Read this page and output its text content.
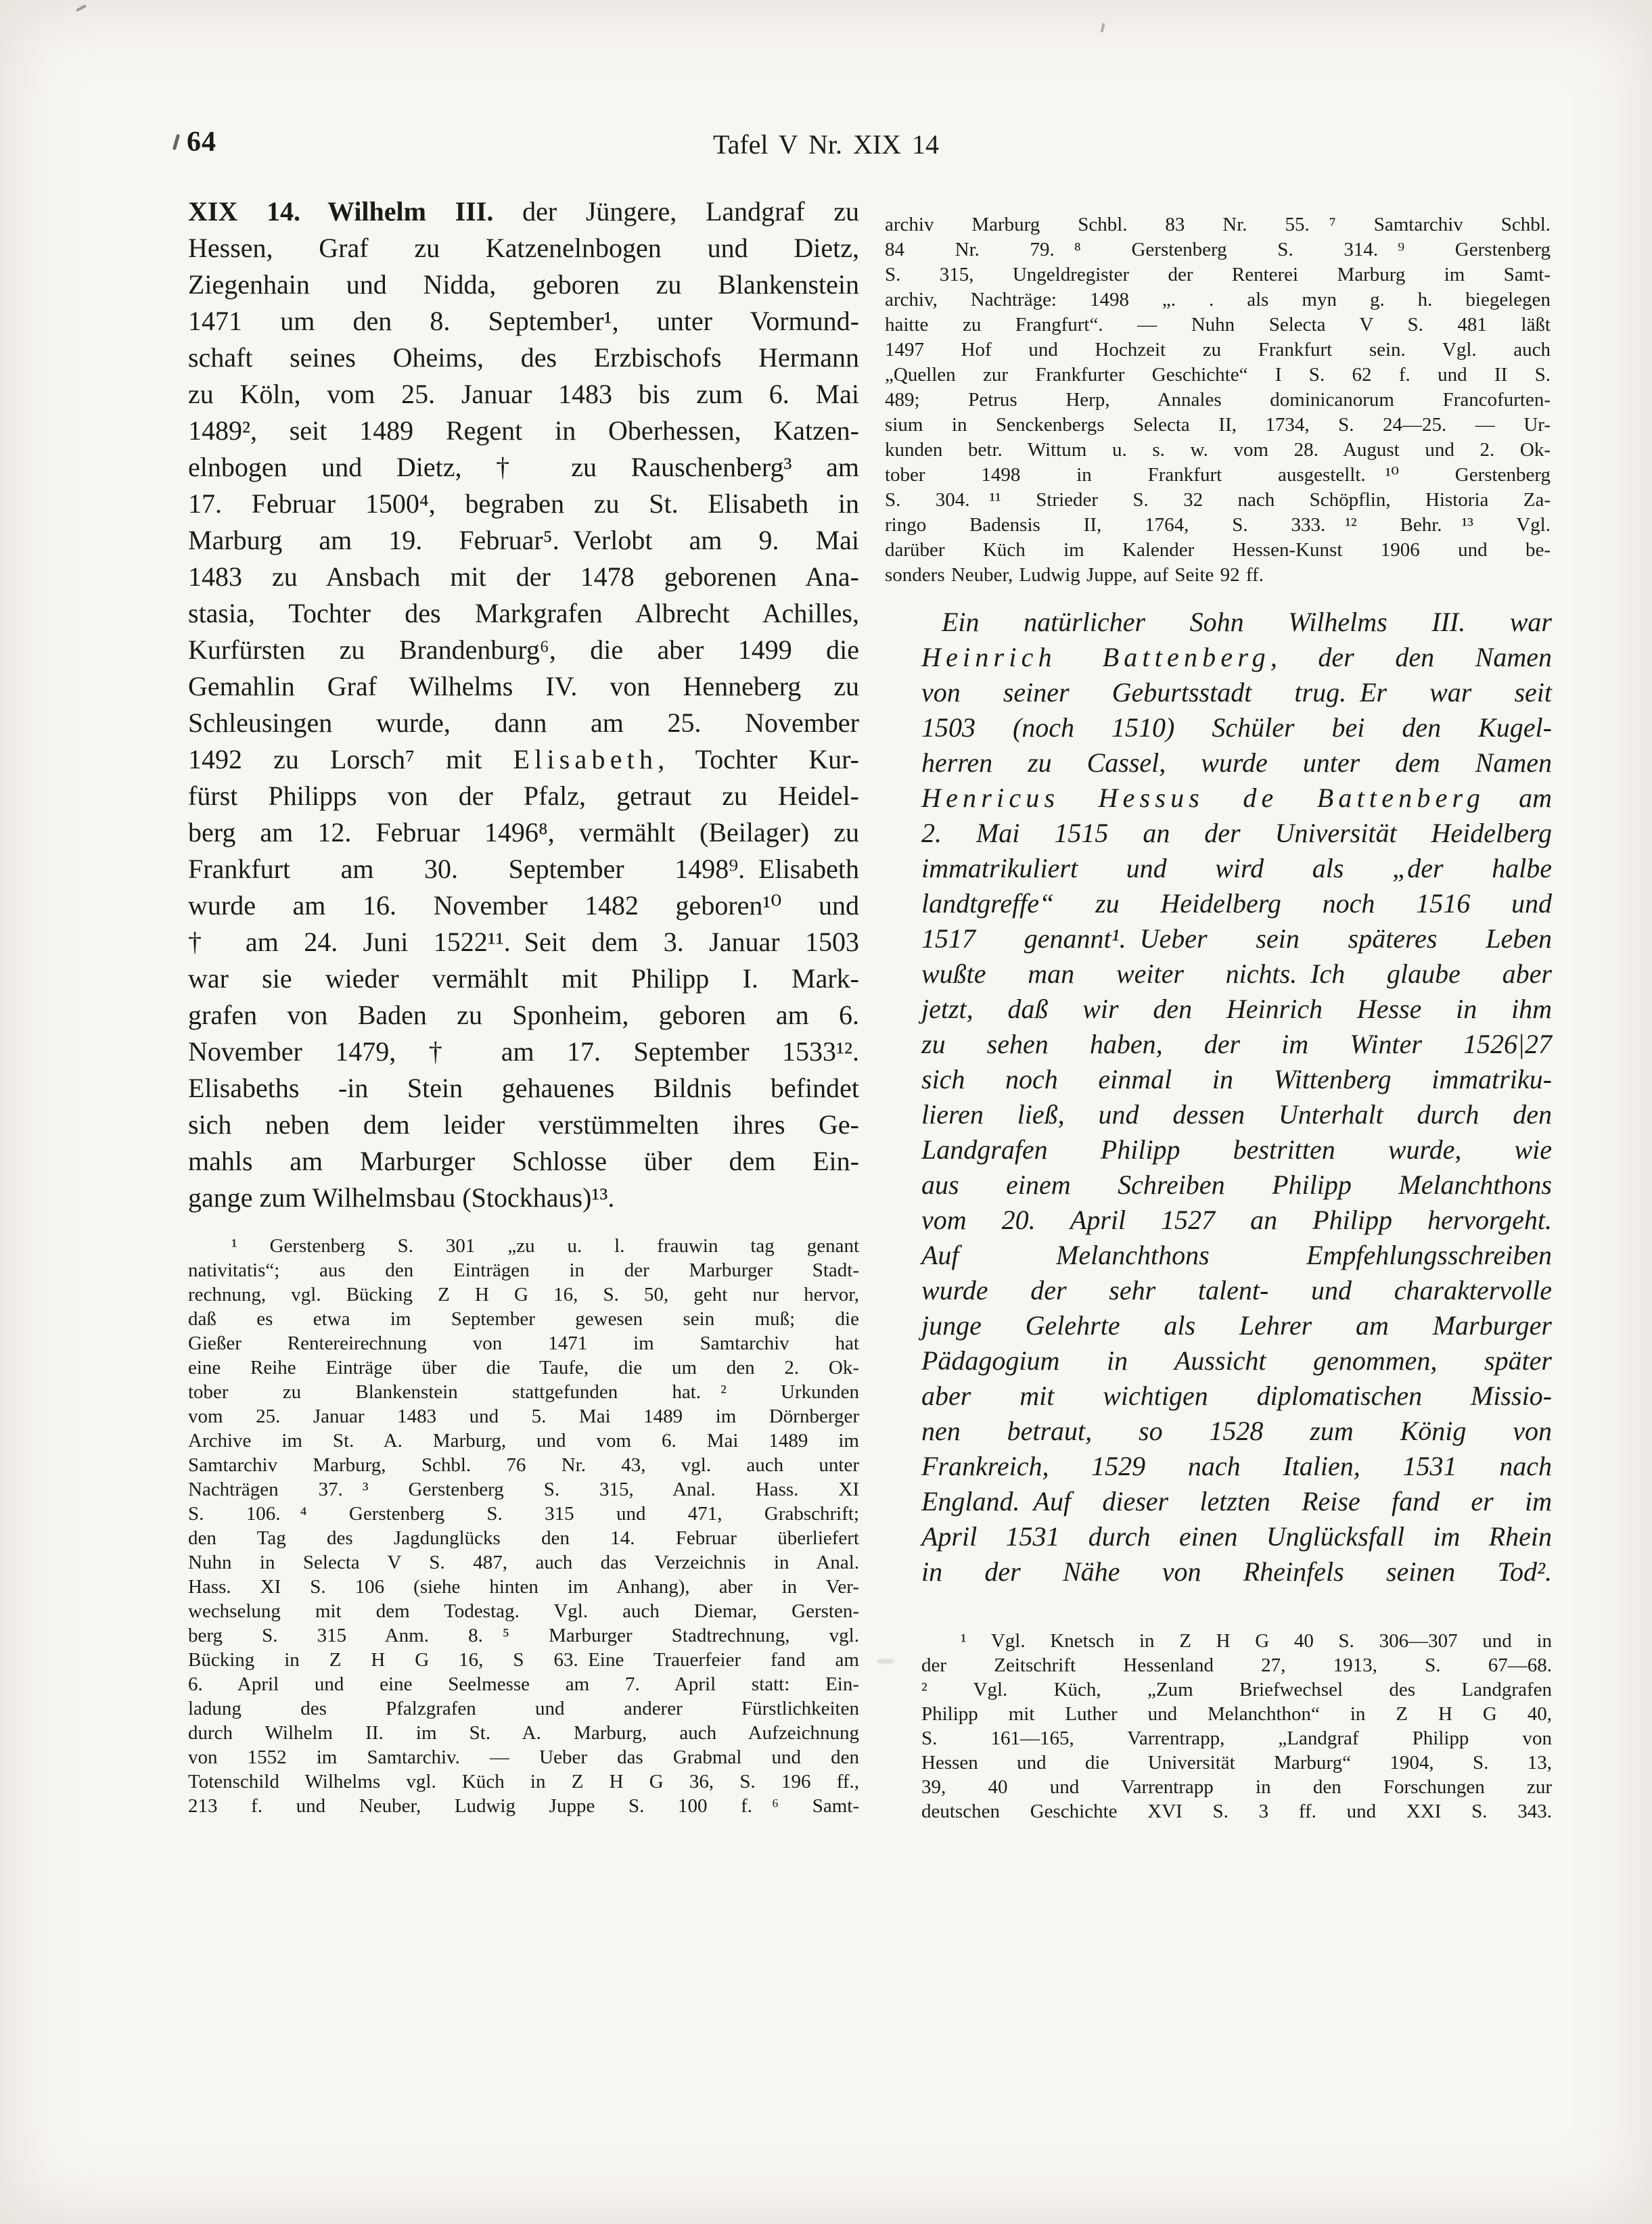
64	Tafel V Nr. XIX 14
XIX 14. Wilhelm III. der Jüngere, Landgraf zu
Hessen, Graf zu Katzenelnbogen und Dietz,
Ziegenhain und Nidda, geboren zu Blankenstein
1471 um den 8. September¹, unter Vormund-
schaft seines Oheims, des Erzbischofs Hermann
zu Köln, vom 25. Januar 1483 bis zum 6. Mai
1489², seit 1489 Regent in Oberhessen, Katzen-
elnbogen und Dietz, † zu Rauschenberg³ am
17. Februar 1500⁴, begraben zu St. Elisabeth in
Marburg am 19. Februar⁵. Verlobt am 9. Mai
1483 zu Ansbach mit der 1478 geborenen Ana-
stasia, Tochter des Markgrafen Albrecht Achilles,
Kurfürsten zu Brandenburg⁶, die aber 1499 die
Gemahlin Graf Wilhelms IV. von Henneberg zu
Schleusingen wurde, dann am 25. November
1492 zu Lorsch⁷ mit Elisabeth, Tochter Kur-
fürst Philipps von der Pfalz, getraut zu Heidel-
berg am 12. Februar 1496⁸, vermählt (Beilager) zu
Frankfurt am 30. September 1498⁹. Elisabeth
wurde am 16. November 1482 geboren¹⁰ und
† am 24. Juni 1522¹¹. Seit dem 3. Januar 1503
war sie wieder vermählt mit Philipp I. Mark-
grafen von Baden zu Sponheim, geboren am 6.
November 1479, † am 17. September 1533¹².
Elisabeths -in Stein gehauenes Bildnis befindet
sich neben dem leider verstümmelten ihres Ge-
mahls am Marburger Schlosse über dem Ein-
gange zum Wilhelmsbau (Stockhaus)¹³.
¹ Gerstenberg S. 301 „zu u. l. frauwin tag genant
nativitatis“; aus den Einträgen in der Marburger Stadt-
rechnung, vgl. Bücking Z H G 16, S. 50, geht nur hervor,
daß es etwa im September gewesen sein muß; die
Gießer Rentereirechnung von 1471 im Samtarchiv hat
eine Reihe Einträge über die Taufe, die um den 2. Ok-
tober zu Blankenstein stattgefunden hat. ² Urkunden
vom 25. Januar 1483 und 5. Mai 1489 im Dörnberger
Archive im St. A. Marburg, und vom 6. Mai 1489 im
Samtarchiv Marburg, Schbl. 76 Nr. 43, vgl. auch unter
Nachträgen 37. ³ Gerstenberg S. 315, Anal. Hass. XI
S. 106. ⁴ Gerstenberg S. 315 und 471, Grabschrift;
den Tag des Jagdunglücks den 14. Februar überliefert
Nuhn in Selecta V S. 487, auch das Verzeichnis in Anal.
Hass. XI S. 106 (siehe hinten im Anhang), aber in Ver-
wechselung mit dem Todestag. Vgl. auch Diemar, Gersten-
berg S. 315 Anm. 8. ⁵ Marburger Stadtrechnung, vgl.
Bücking in Z H G 16, S 63. Eine Trauerfeier fand am
6. April und eine Seelmesse am 7. April statt: Ein-
ladung des Pfalzgrafen und anderer Fürstlichkeiten
durch Wilhelm II. im St. A. Marburg, auch Aufzeichnung
von 1552 im Samtarchiv. — Ueber das Grabmal und den
Totenschild Wilhelms vgl. Küch in Z H G 36, S. 196 ff.,
213 f. und Neuber, Ludwig Juppe S. 100 f. ⁶ Samt-
archiv Marburg Schbl. 83 Nr. 55. ⁷ Samtarchiv Schbl.
84 Nr. 79. ⁸ Gerstenberg S. 314. ⁹ Gerstenberg
S. 315, Ungeldregister der Renterei Marburg im Samt-
archiv, Nachträge: 1498 „. . als myn g. h. biegelegen
haitte zu Frangfurt“. — Nuhn Selecta V S. 481 läßt
1497 Hof und Hochzeit zu Frankfurt sein. Vgl. auch
„Quellen zur Frankfurter Geschichte“ I S. 62 f. und II S.
489; Petrus Herp, Annales dominicanorum Francofurten-
sium in Senckenbergs Selecta II, 1734, S. 24—25. — Ur-
kunden betr. Wittum u. s. w. vom 28. August und 2. Ok-
tober 1498 in Frankfurt ausgestellt. ¹⁰ Gerstenberg
S. 304. ¹¹ Strieder S. 32 nach Schöpflin, Historia Za-
ringo Badensis II, 1764, S. 333. ¹² Behr. ¹³ Vgl.
darüber Küch im Kalender Hessen-Kunst 1906 und be-
sonders Neuber, Ludwig Juppe, auf Seite 92 ff.
Ein natürlicher Sohn Wilhelms III. war
Heinrich Battenberg, der den Namen
von seiner Geburtsstadt trug. Er war seit
1503 (noch 1510) Schüler bei den Kugel-
herren zu Cassel, wurde unter dem Namen
Henricus Hessus de Battenberg am
2. Mai 1515 an der Universität Heidelberg
immatrikuliert und wird als „der halbe
landtgreffe“ zu Heidelberg noch 1516 und
1517 genannt¹. Ueber sein späteres Leben
wußte man weiter nichts. Ich glaube aber
jetzt, daß wir den Heinrich Hesse in ihm
zu sehen haben, der im Winter 1526|27
sich noch einmal in Wittenberg immatriku-
lieren ließ, und dessen Unterhalt durch den
Landgrafen Philipp bestritten wurde, wie
aus einem Schreiben Philipp Melanchthons
vom 20. April 1527 an Philipp hervorgeht.
Auf Melanchthons Empfehlungsschreiben
wurde der sehr talent- und charaktervolle
junge Gelehrte als Lehrer am Marburger
Pädagogium in Aussicht genommen, später
aber mit wichtigen diplomatischen Missio-
nen betraut, so 1528 zum König von
Frankreich, 1529 nach Italien, 1531 nach
England. Auf dieser letzten Reise fand er im
April 1531 durch einen Unglücksfall im Rhein
in der Nähe von Rheinfels seinen Tod².
¹ Vgl. Knetsch in Z H G 40 S. 306—307 und in
der Zeitschrift Hessenland 27, 1913, S. 67—68.
² Vgl. Küch, „Zum Briefwechsel des Landgrafen
Philipp mit Luther und Melanchthon“ in Z H G 40,
S. 161—165, Varrentrapp, „Landgraf Philipp von
Hessen und die Universität Marburg“ 1904, S. 13,
39, 40 und Varrentrapp in den Forschungen zur
deutschen Geschichte XVI S. 3 ff. und XXI S. 343.
